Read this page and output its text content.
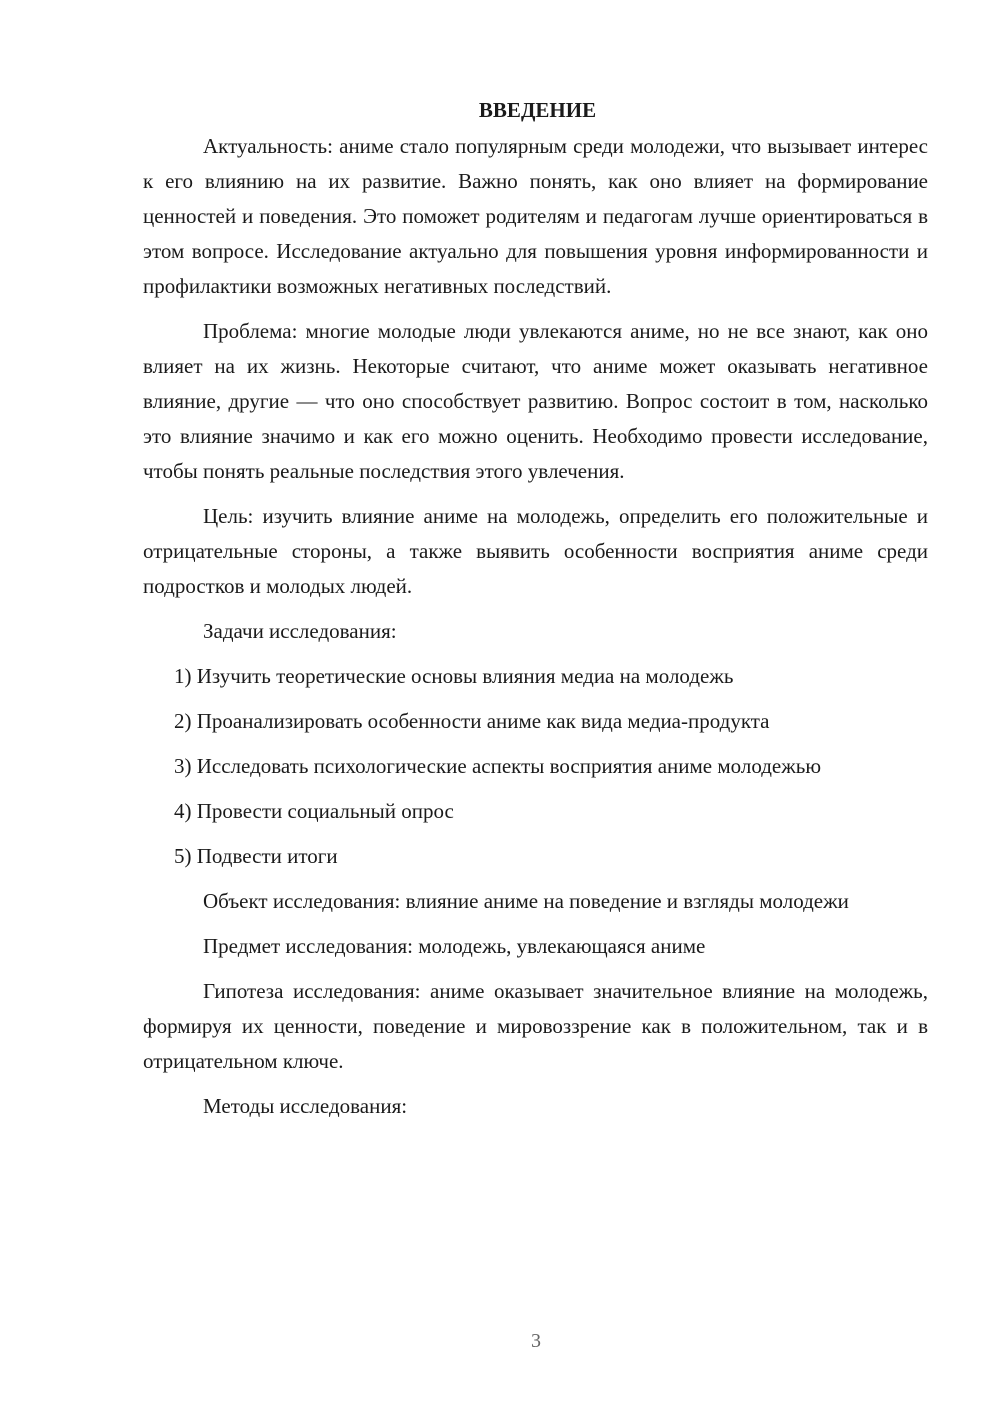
ВВЕДЕНИЕ

Актуальность: аниме стало популярным среди молодежи, что вызывает интерес к его влиянию на их развитие. Важно понять, как оно влияет на формирование ценностей и поведения. Это поможет родителям и педагогам лучше ориентироваться в этом вопросе. Исследование актуально для повышения уровня информированности и профилактики возможных негативных последствий.

Проблема: многие молодые люди увлекаются аниме, но не все знают, как оно влияет на их жизнь. Некоторые считают, что аниме может оказывать негативное влияние, другие — что оно способствует развитию. Вопрос состоит в том, насколько это влияние значимо и как его можно оценить. Необходимо провести исследование, чтобы понять реальные последствия этого увлечения.

Цель: изучить влияние аниме на молодежь, определить его положительные и отрицательные стороны, а также выявить особенности восприятия аниме среди подростков и молодых людей.

Задачи исследования:

1) Изучить теоретические основы влияния медиа на молодежь

2) Проанализировать особенности аниме как вида медиа-продукта

3) Исследовать психологические аспекты восприятия аниме молодежью

4) Провести социальный опрос

5) Подвести итоги

Объект исследования: влияние аниме на поведение и взгляды молодежи

Предмет исследования: молодежь, увлекающаяся аниме

Гипотеза исследования: аниме оказывает значительное влияние на молодежь, формируя их ценности, поведение и мировоззрение как в положительном, так и в отрицательном ключе.

Методы исследования:

3
